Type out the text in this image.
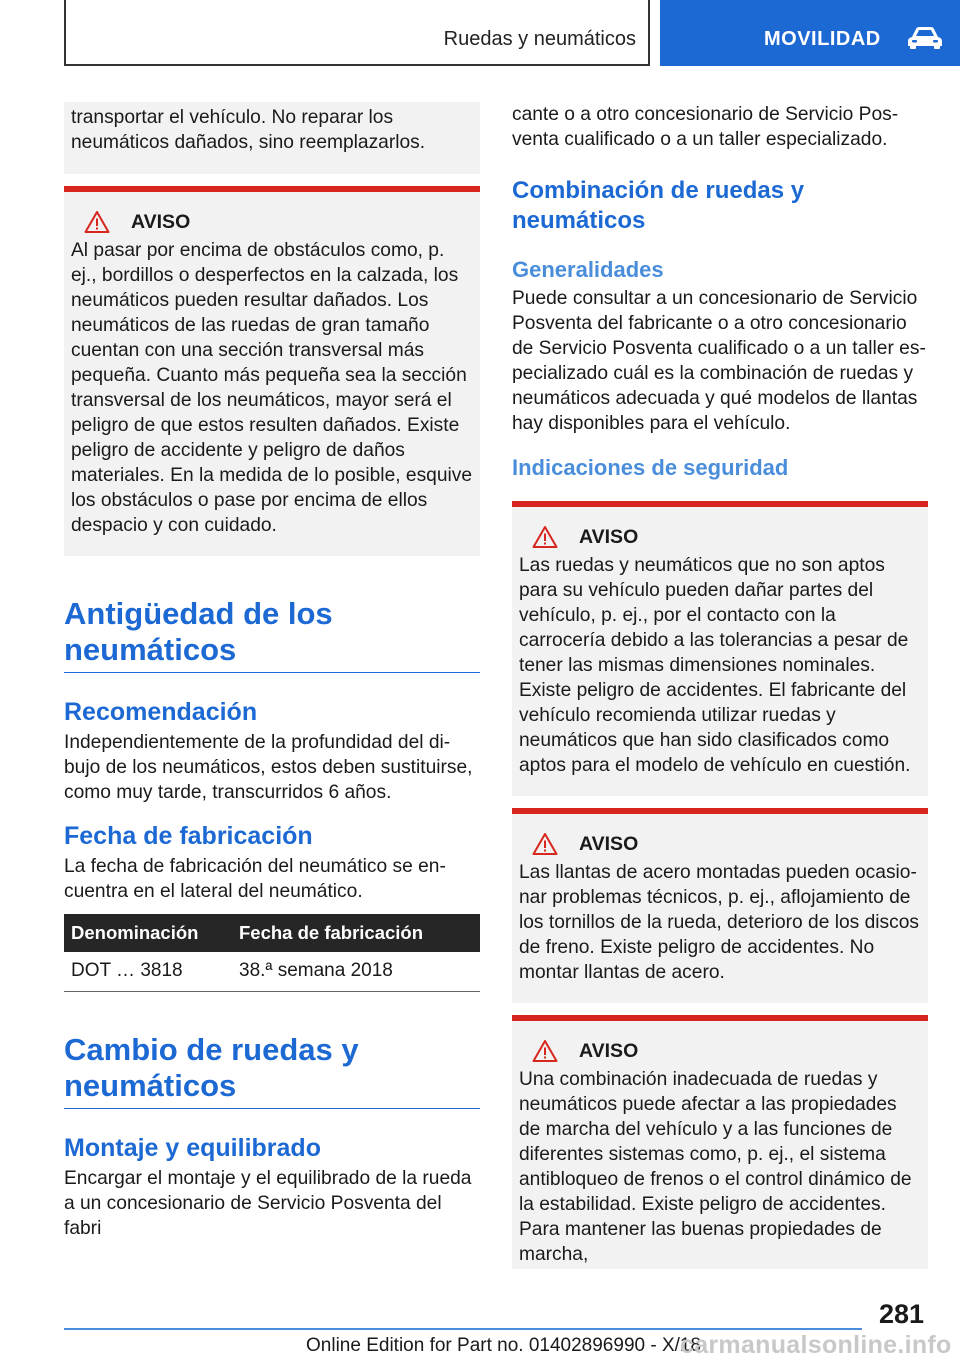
Ruedas y neumáticos	MOVILIDAD

transportar el vehículo. No reparar los neumáticos dañados, sino reemplazarlos.

AVISO

Al pasar por encima de obstáculos como, p. ej., bordillos o desperfectos en la calzada, los neumáticos pueden resultar dañados. Los neumáticos de las ruedas de gran tamaño cuentan con una sección transversal más pequeña. Cuanto más pequeña sea la sección transversal de los neumáticos, mayor será el peligro de que estos resulten dañados. Existe peligro de accidente y peligro de daños materiales. En la medida de lo posible, esquive los obstáculos o pase por encima de ellos despacio y con cuidado.

Antigüedad de los neumáticos
Recomendación

Independientemente de la profundidad del dibujo de los neumáticos, estos deben sustituirse, como muy tarde, transcurridos 6 años.

Fecha de fabricación

La fecha de fabricación del neumático se encuentra en el lateral del neumático.

Denominación	Fecha de fabricación
DOT … 3818	38.ª semana 2018
Cambio de ruedas y neumáticos
Montaje y equilibrado

Encargar el montaje y el equilibrado de la rueda a un concesionario de Servicio Posventa del fabri

cante o a otro concesionario de Servicio Posventa cualificado o a un taller especializado.

Combinación de ruedas y neumáticos
Generalidades

Puede consultar a un concesionario de Servicio Posventa del fabricante o a otro concesionario de Servicio Posventa cualificado o a un taller especializado cuál es la combinación de ruedas y neumáticos adecuada y qué modelos de llantas hay disponibles para el vehículo.

Indicaciones de seguridad
AVISO

Las ruedas y neumáticos que no son aptos para su vehículo pueden dañar partes del vehículo, p. ej., por el contacto con la carrocería debido a las tolerancias a pesar de tener las mismas dimensiones nominales. Existe peligro de accidentes. El fabricante del vehículo recomienda utilizar ruedas y neumáticos que han sido clasificados como aptos para el modelo de vehículo en cuestión.

AVISO

Las llantas de acero montadas pueden ocasionar problemas técnicos, p. ej., aflojamiento de los tornillos de la rueda, deterioro de los discos de freno. Existe peligro de accidentes. No montar llantas de acero.

AVISO

Una combinación inadecuada de ruedas y neumáticos puede afectar a las propiedades de marcha del vehículo y a las funciones de diferentes sistemas como, p. ej., el sistema antibloqueo de frenos o el control dinámico de la estabilidad. Existe peligro de accidentes. Para mantener las buenas propiedades de marcha,

281
Online Edition for Part no. 01402896990 - X/18
carmanualsonline.info
